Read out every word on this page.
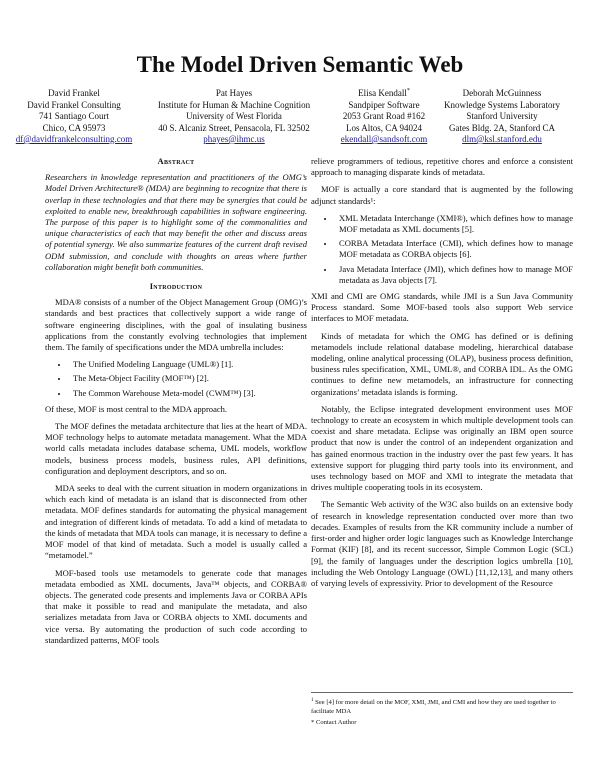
The Model Driven Semantic Web
David Frankel
David Frankel Consulting
741 Santiago Court
Chico, CA 95973
df@davidfrankelconsulting.com
Pat Hayes
Institute for Human & Machine Cognition
University of West Florida
40 S. Alcaniz Street, Pensacola, FL 32502
phayes@ihmc.us
Elisa Kendall*
Sandpiper Software
2053 Grant Road #162
Los Altos, CA 94024
ekendall@sandsoft.com
Deborah McGuinness
Knowledge Systems Laboratory
Stanford University
Gates Bldg. 2A, Stanford CA
dlm@ksl.stanford.edu
Abstract

Researchers in knowledge representation and practitioners of the OMG’s Model Driven Architecture® (MDA) are beginning to recognize that there is overlap in these technologies and that there may be synergies that could be exploited to enable new, breakthrough capabilities in software engineering. The purpose of this paper is to highlight some of the commonalities and unique characteristics of each that may benefit the other and discuss areas of potential synergy. We also summarize features of the current draft revised ODM submission, and conclude with thoughts on areas where further collaboration might benefit both communities.

Introduction

MDA® consists of a number of the Object Management Group (OMG)’s standards and best practices that collectively support a wide range of software engineering disciplines, with the goal of insulating business applications from the constantly evolving technologies that implement them. The family of specifications under the MDA umbrella includes:

• The Unified Modeling Language (UML®) [1].
• The Meta-Object Facility (MOF™) [2].
• The Common Warehouse Meta-model (CWM™) [3].

Of these, MOF is most central to the MDA approach.

The MOF defines the metadata architecture that lies at the heart of MDA. MOF technology helps to automate metadata management. What the MDA world calls metadata includes database schema, UML models, workflow models, business process models, business rules, API definitions, configuration and deployment descriptors, and so on.

MDA seeks to deal with the current situation in modern organizations in which each kind of metadata is an island that is disconnected from other metadata. MOF defines standards for automating the physical management and integration of different kinds of metadata. To add a kind of metadata to the kinds of metadata that MDA tools can manage, it is necessary to define a MOF model of that kind of metadata. Such a model is usually called a “metamodel.”

MOF-based tools use metamodels to generate code that manages metadata embodied as XML documents, Java™ objects, and CORBA® objects. The generated code presents and implements Java or CORBA APIs that make it possible to read and manipulate the metadata, and also serializes metadata from Java or CORBA objects to XML documents and vice versa. By automating the production of such code according to standardized patterns, MOF tools

relieve programmers of tedious, repetitive chores and enforce a consistent approach to managing disparate kinds of metadata.

MOF is actually a core standard that is augmented by the following adjunct standards¹:

• XML Metadata Interchange (XMI®), which defines how to manage MOF metadata as XML documents [5].
• CORBA Metadata Interface (CMI), which defines how to manage MOF metadata as CORBA objects [6].
• Java Metadata Interface (JMI), which defines how to manage MOF metadata as Java objects [7].

XMI and CMI are OMG standards, while JMI is a Sun Java Community Process standard. Some MOF-based tools also support Web service interfaces to MOF metadata.

Kinds of metadata for which the OMG has defined or is defining metamodels include relational database modeling, hierarchical database modeling, online analytical processing (OLAP), business process definition, business rules specification, XML, UML®, and CORBA IDL. As the OMG continues to define new metamodels, an infrastructure for connecting organizations’ metadata islands is forming.

Notably, the Eclipse integrated development environment uses MOF technology to create an ecosystem in which multiple development tools can coexist and share metadata. Eclipse was originally an IBM open source product that now is under the control of an independent organization and has gained enormous traction in the industry over the past few years. It has extensive support for plugging third party tools into its environment, and uses technology based on MOF and XMI to integrate the metadata that drives multiple cooperating tools in its ecosystem.

The Semantic Web activity of the W3C also builds on an extensive body of research in knowledge representation conducted over more than two decades. Examples of results from the KR community include a number of first-order and higher order logic languages such as Knowledge Interchange Format (KIF) [8], and its recent successor, Simple Common Logic (SCL) [9], the family of languages under the description logics umbrella [10], including the Web Ontology Language (OWL) [11,12,13], and many others of varying levels of expressivity. Prior to development of the Resource

$^1$ See [4] for more detail on the MOF, XMI, JMI, and CMI and how they are used together to facilitate MDA
* Contact Author
